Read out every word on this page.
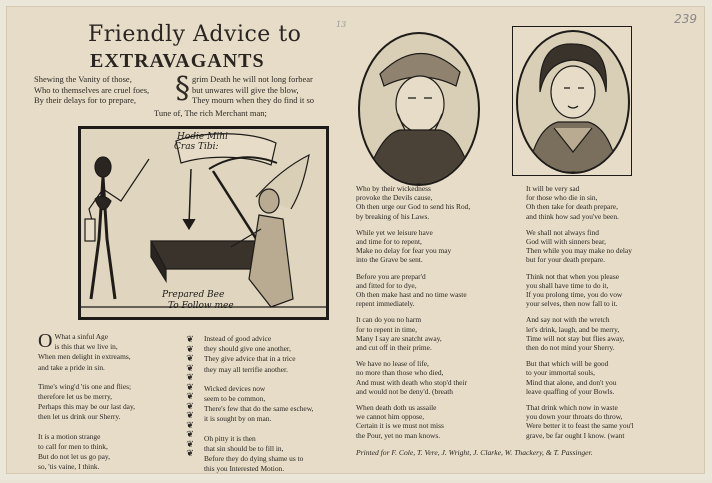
239
13
Friendly Advice to
EXTRAVAGANTS
Shewing the Vanity of those,
Who to themselves are cruel foes,
By their delays for to prepare,	§ grim Death he will not long forbear
but unwares will give the blow,
They mourn when they do find it so
Tune of, The rich Merchant man;
Hodie Mihi
Cras Tibi:
Prepared Bee
To Follow mee
O What a sinful Age
is this that we live in,
When men delight in extreams,
and take a pride in sin.
Time's wing'd 'tis one and flies;
therefore let us be merry,
Perhaps this may be our last day,
then let us drink our Sherry.
It is a motion strange
to call for men to think,
But do not let us go pay,
so, 'tis vaine, I think.
❦
❦
❦
❦
❦
❦
❦
❦
❦
❦
❦
❦
❦
Instead of good advice
they should give one another,
They give advice that in a trice
they may all terrifie another.
Wicked devices now
seem to be common,
There's few that do the same eschew,
it is sought by on man.
Oh pitty it is then
that sin should be to fill in,
Before they do dying shame us to
this you Interested Motion.
Who by their wickedness
provoke the Devils cause,
Oh then urge our God to send his Rod,
by breaking of his Laws.
While yet we leisure have
and time for to repent,
Make no delay for fear you may
into the Grave be sent.
Before you are prepar'd
and fitted for to dye,
Oh then make hast and no time waste
repent immediately.
It can do you no harm
for to repent in time,
Many I say are snatcht away,
and cut off in their prime.
We have no lease of life,
no more than those who died,
And must with death who stop'd their
and would not be deny'd. (breath
When death doth us assaile
we cannot him oppose,
Certain it is we must not miss
the Pour, yet no man knows.
It will be very sad
for those who die in sin,
Oh then take for death prepare,
and think how sad you've been.
We shall not always find
God will with sinners bear,
Then while you may make no delay
but for your death prepare.
Think not that when you please
you shall have time to do it,
If you prolong time, you do vow
your selves, then now fall to it.
And say not with the wretch
let's drink, laugh, and be merry,
Time will not stay but flies away,
then do not mind your Sherry.
But that which will be good
to your immortal souls,
Mind that alone, and don't you
leave quaffing of your Bowls.
That drink which now in waste
you down your throats do throw,
Were better it to feast the same you'l
grave, be far ought I know. (want
Printed for F. Cole, T. Vere, J. Wright, J. Clarke, W. Thackery, & T. Passinger.
